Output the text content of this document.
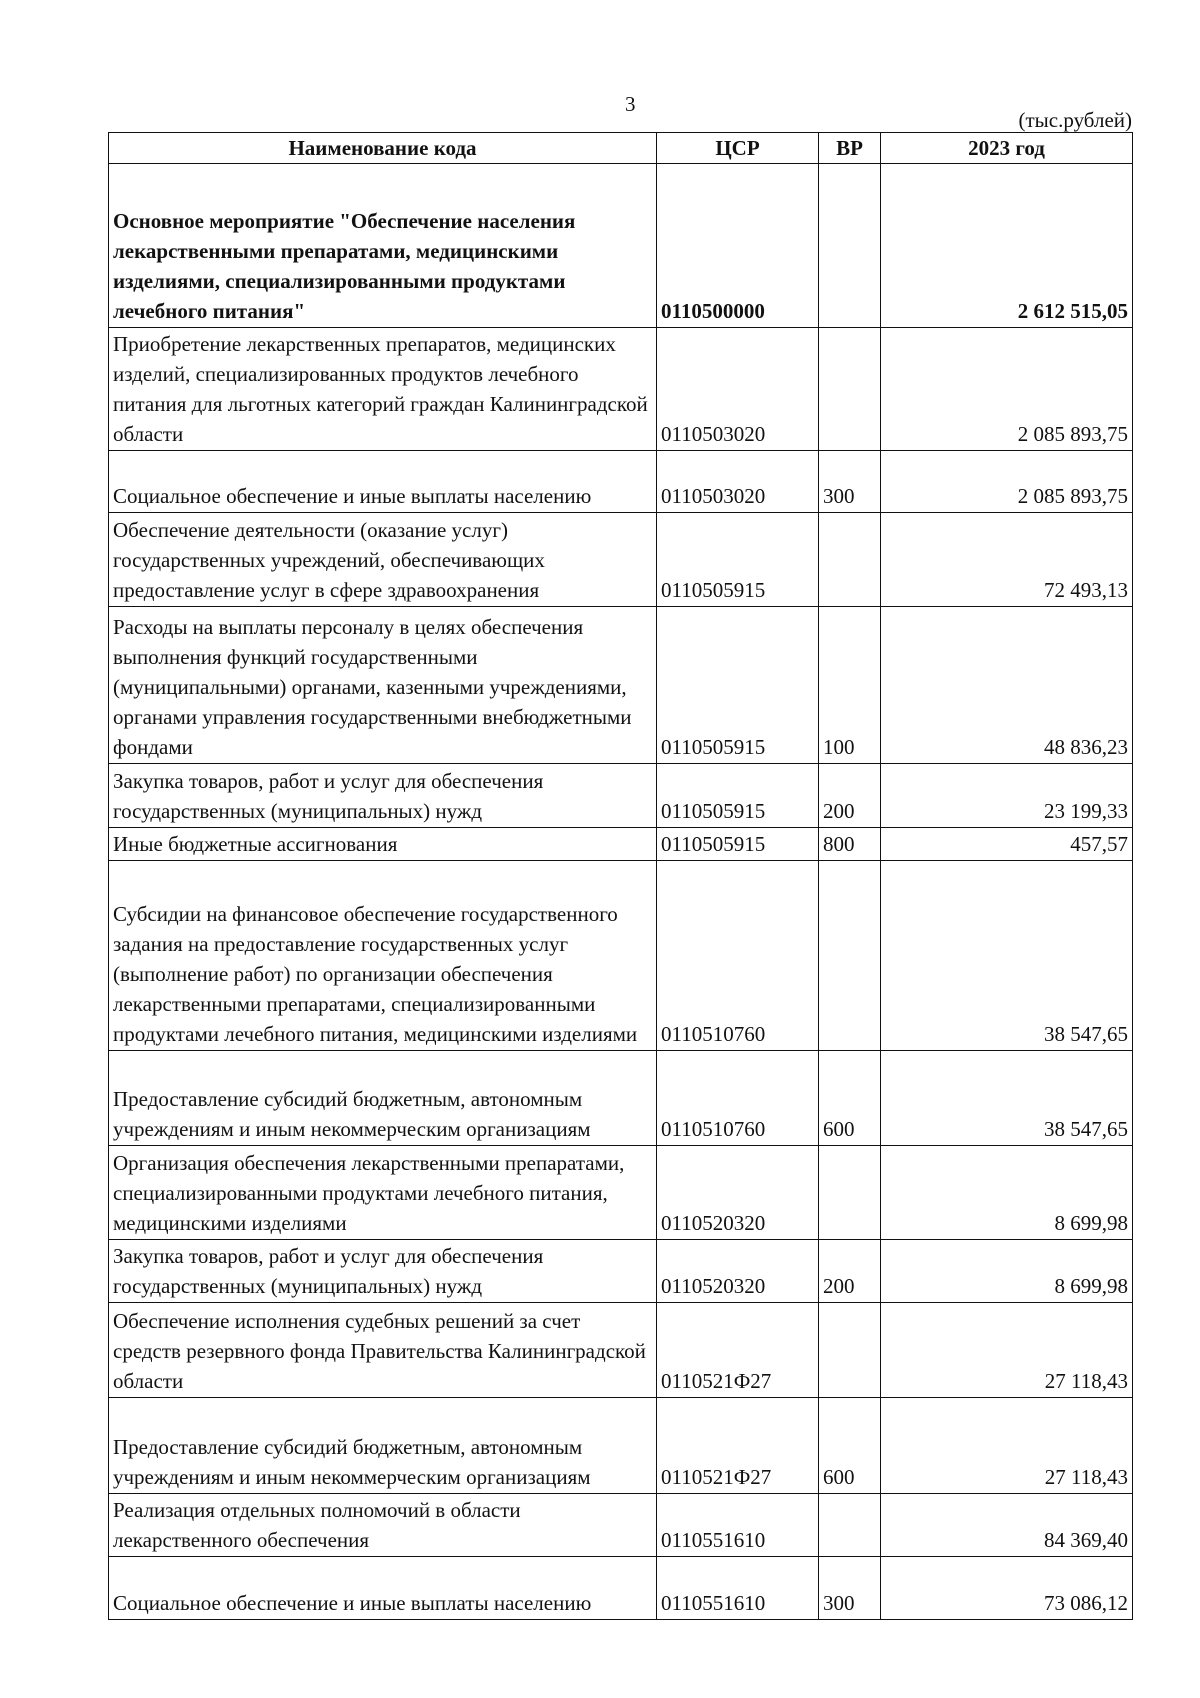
3
(тыс.рублей)
Наименование кода	ЦСР	ВР	2023 год
Основное мероприятие "Обеспечение населения лекарственными препаратами, медицинскими изделиями, специализированными продуктами лечебного питания"	0110500000		2 612 515,05
Приобретение лекарственных препаратов, медицинских изделий, специализированных продуктов лечебного питания для льготных категорий граждан Калининградской области	0110503020		2 085 893,75
Социальное обеспечение и иные выплаты населению	0110503020	300	2 085 893,75
Обеспечение деятельности (оказание услуг) государственных учреждений, обеспечивающих предоставление услуг в сфере здравоохранения	0110505915		72 493,13
Расходы на выплаты персоналу в целях обеспечения выполнения функций государственными (муниципальными) органами, казенными учреждениями, органами управления государственными внебюджетными фондами	0110505915	100	48 836,23
Закупка товаров, работ и услуг для обеспечения государственных (муниципальных) нужд	0110505915	200	23 199,33
Иные бюджетные ассигнования	0110505915	800	457,57
Субсидии на финансовое обеспечение государственного задания на предоставление государственных услуг (выполнение работ) по организации обеспечения лекарственными препаратами, специализированными продуктами лечебного питания, медицинскими изделиями	0110510760		38 547,65
Предоставление субсидий бюджетным, автономным учреждениям и иным некоммерческим организациям	0110510760	600	38 547,65
Организация обеспечения лекарственными препаратами, специализированными продуктами лечебного питания, медицинскими изделиями	0110520320		8 699,98
Закупка товаров, работ и услуг для обеспечения государственных (муниципальных) нужд	0110520320	200	8 699,98
Обеспечение исполнения судебных решений за счет средств резервного фонда Правительства Калининградской области	0110521Ф27		27 118,43
Предоставление субсидий бюджетным, автономным учреждениям и иным некоммерческим организациям	0110521Ф27	600	27 118,43
Реализация отдельных полномочий в области лекарственного обеспечения	0110551610		84 369,40
Социальное обеспечение и иные выплаты населению	0110551610	300	73 086,12
